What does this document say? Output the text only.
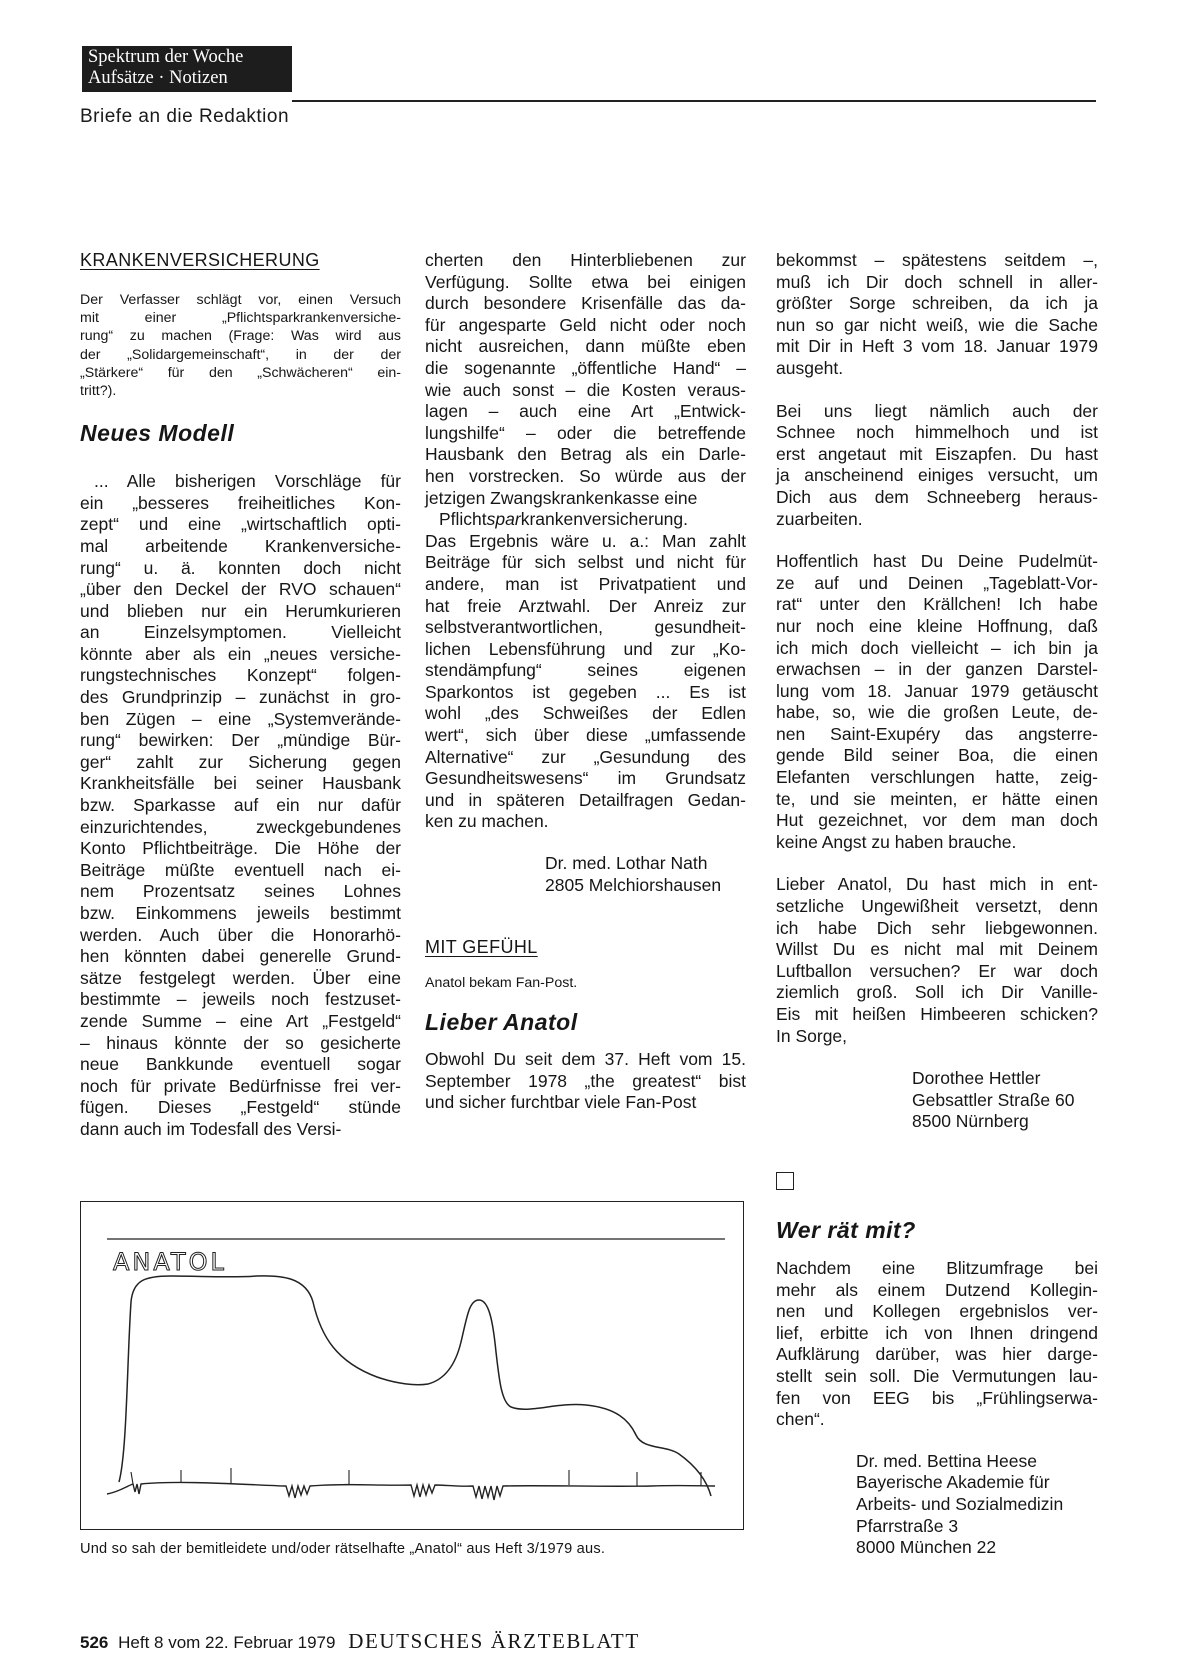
Spektrum der Woche
Aufsätze · Notizen
Briefe an die Redaktion
KRANKENVERSICHERUNG
Der Verfasser schlägt vor, einen Versuch
mit einer „Pflichtsparkrankenversiche-
rung“ zu machen (Frage: Was wird aus
der „Solidargemeinschaft“, in der der
„Stärkere“ für den „Schwächeren“ ein-
tritt?).
Neues Modell
... Alle bisherigen Vorschläge für
ein „besseres freiheitliches Kon-
zept“ und eine „wirtschaftlich opti-
mal arbeitende Krankenversiche-
rung“ u. ä. konnten doch nicht
„über den Deckel der RVO schauen“
und blieben nur ein Herumkurieren
an Einzelsymptomen. Vielleicht
könnte aber als ein „neues versiche-
rungstechnisches Konzept“ folgen-
des Grundprinzip – zunächst in gro-
ben Zügen – eine „Systemverände-
rung“ bewirken: Der „mündige Bür-
ger“ zahlt zur Sicherung gegen
Krankheitsfälle bei seiner Hausbank
bzw. Sparkasse auf ein nur dafür
einzurichtendes, zweckgebundenes
Konto Pflichtbeiträge. Die Höhe der
Beiträge müßte eventuell nach ei-
nem Prozentsatz seines Lohnes
bzw. Einkommens jeweils bestimmt
werden. Auch über die Honorarhö-
hen könnten dabei generelle Grund-
sätze festgelegt werden. Über eine
bestimmte – jeweils noch festzuset-
zende Summe – eine Art „Festgeld“
– hinaus könnte der so gesicherte
neue Bankkunde eventuell sogar
noch für private Bedürfnisse frei ver-
fügen. Dieses „Festgeld“ stünde
dann auch im Todesfall des Versi-
cherten den Hinterbliebenen zur
Verfügung. Sollte etwa bei einigen
durch besondere Krisenfälle das da-
für angesparte Geld nicht oder noch
nicht ausreichen, dann müßte eben
die sogenannte „öffentliche Hand“ –
wie auch sonst – die Kosten veraus-
lagen – auch eine Art „Entwick-
lungshilfe“ – oder die betreffende
Hausbank den Betrag als ein Darle-
hen vorstrecken. So würde aus der
jetzigen Zwangskrankenkasse eine
Pflichtsparkrankenversicherung.
Das Ergebnis wäre u. a.: Man zahlt
Beiträge für sich selbst und nicht für
andere, man ist Privatpatient und
hat freie Arztwahl. Der Anreiz zur
selbstverantwortlichen, gesundheit-
lichen Lebensführung und zur „Ko-
stendämpfung“ seines eigenen
Sparkontos ist gegeben ... Es ist
wohl „des Schweißes der Edlen
wert“, sich über diese „umfassende
Alternative“ zur „Gesundung des
Gesundheitswesens“ im Grundsatz
und in späteren Detailfragen Gedan-
ken zu machen.
Dr. med. Lothar Nath
2805 Melchiorshausen
MIT GEFÜHL
Anatol bekam Fan-Post.
Lieber Anatol
Obwohl Du seit dem 37. Heft vom 15.
September 1978 „the greatest“ bist
und sicher furchtbar viele Fan-Post
bekommst – spätestens seitdem –,
muß ich Dir doch schnell in aller-
größter Sorge schreiben, da ich ja
nun so gar nicht weiß, wie die Sache
mit Dir in Heft 3 vom 18. Januar 1979
ausgeht.
Bei uns liegt nämlich auch der
Schnee noch himmelhoch und ist
erst angetaut mit Eiszapfen. Du hast
ja anscheinend einiges versucht, um
Dich aus dem Schneeberg heraus-
zuarbeiten.
Hoffentlich hast Du Deine Pudelmüt-
ze auf und Deinen „Tageblatt-Vor-
rat“ unter den Krällchen! Ich habe
nur noch eine kleine Hoffnung, daß
ich mich doch vielleicht – ich bin ja
erwachsen – in der ganzen Darstel-
lung vom 18. Januar 1979 getäuscht
habe, so, wie die großen Leute, de-
nen Saint-Exupéry das angsterre-
gende Bild seiner Boa, die einen
Elefanten verschlungen hatte, zeig-
te, und sie meinten, er hätte einen
Hut gezeichnet, vor dem man doch
keine Angst zu haben brauche.
Lieber Anatol, Du hast mich in ent-
setzliche Ungewißheit versetzt, denn
ich habe Dich sehr liebgewonnen.
Willst Du es nicht mal mit Deinem
Luftballon versuchen? Er war doch
ziemlich groß. Soll ich Dir Vanille-
Eis mit heißen Himbeeren schicken?
In Sorge,
Dorothee Hettler
Gebsattler Straße 60
8500 Nürnberg
Wer rät mit?
Nachdem eine Blitzumfrage bei
mehr als einem Dutzend Kollegin-
nen und Kollegen ergebnislos ver-
lief, erbitte ich von Ihnen dringend
Aufklärung darüber, was hier darge-
stellt sein soll. Die Vermutungen lau-
fen von EEG bis „Frühlingserwa-
chen“.
Dr. med. Bettina Heese
Bayerische Akademie für
Arbeits- und Sozialmedizin
Pfarrstraße 3
8000 München 22
ANATOL
Und so sah der bemitleidete und/oder rätselhafte „Anatol“ aus Heft 3/1979 aus.
526 Heft 8 vom 22. Februar 1979 DEUTSCHES ÄRZTEBLATT
